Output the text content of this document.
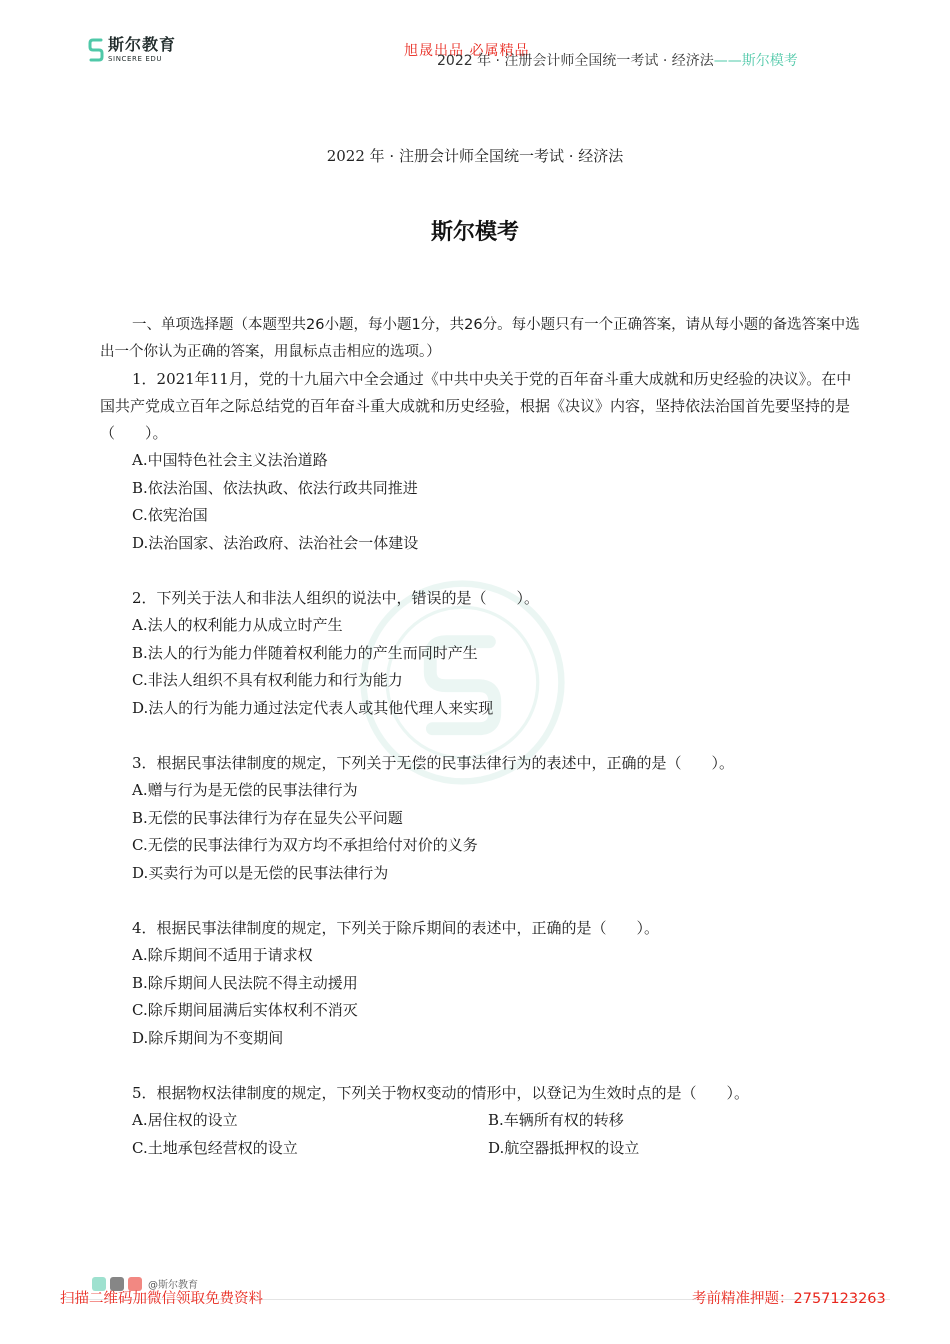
斯尔教育
SINCERE EDU	旭晟出品 必属精品
2022 年 · 注册会计师全国统一考试 · 经济法——斯尔模考
2022 年 · 注册会计师全国统一考试 · 经济法
斯尔模考

一、单项选择题（本题型共26小题，每小题1分，共26分。每小题只有一个正确答案，请从每小题的备选答案中选出一个你认为正确的答案，用鼠标点击相应的选项。）

1．2021年11月，党的十九届六中全会通过《中共中央关于党的百年奋斗重大成就和历史经验的决议》。在中国共产党成立百年之际总结党的百年奋斗重大成就和历史经验，根据《决议》内容，坚持依法治国首先要坚持的是（　　）。

A.中国特色社会主义法治道路

B.依法治国、依法执政、依法行政共同推进

C.依宪治国

D.法治国家、法治政府、法治社会一体建设

2．下列关于法人和非法人组织的说法中，错误的是（　　）。

A.法人的权利能力从成立时产生

B.法人的行为能力伴随着权利能力的产生而同时产生

C.非法人组织不具有权利能力和行为能力

D.法人的行为能力通过法定代表人或其他代理人来实现

3．根据民事法律制度的规定，下列关于无偿的民事法律行为的表述中，正确的是（　　）。

A.赠与行为是无偿的民事法律行为

B.无偿的民事法律行为存在显失公平问题

C.无偿的民事法律行为双方均不承担给付对价的义务

D.买卖行为可以是无偿的民事法律行为

4．根据民事法律制度的规定，下列关于除斥期间的表述中，正确的是（　　）。

A.除斥期间不适用于请求权

B.除斥期间人民法院不得主动援用

C.除斥期间届满后实体权利不消灭

D.除斥期间为不变期间

5．根据物权法律制度的规定，下列关于物权变动的情形中，以登记为生效时点的是（　　）。

A.居住权的设立	B.车辆所有权的转移

C.土地承包经营权的设立	D.航空器抵押权的设立

@斯尔教育
扫描二维码加微信领取免费资料	考前精准押题：2757123263
